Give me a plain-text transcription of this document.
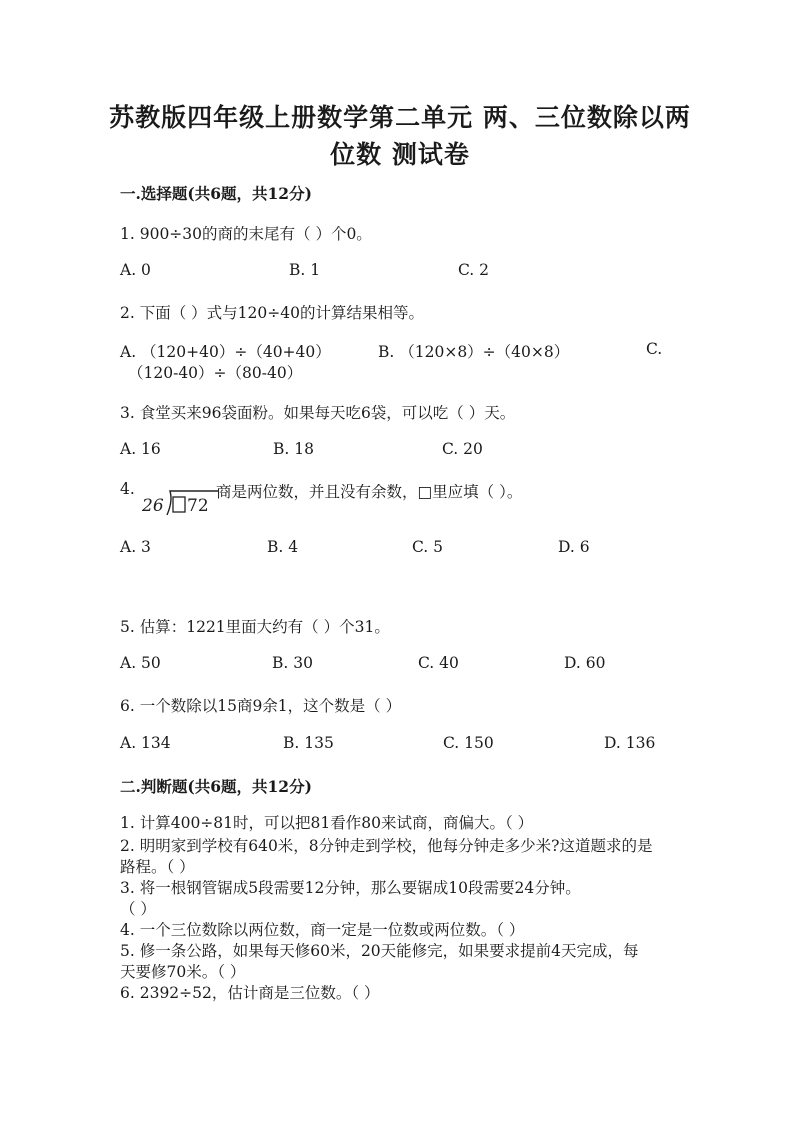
苏教版四年级上册数学第二单元 两、三位数除以两
位数 测试卷
一.选择题(共6题，共12分)
1. 900÷30的商的末尾有（ ）个0。
A. 0	B. 1	C. 2
2. 下面（ ）式与120÷40的计算结果相等。
A. （120+40）÷（40+40）	B. （120×8）÷（40×8）	C.
（120-40）÷（80-40）
3. 食堂买来96袋面粉。如果每天吃6袋，可以吃（ ）天。
A. 16	B. 18	C. 20
4.
26 72
商是两位数，并且没有余数，□里应填（ ）。
A. 3	B. 4	C. 5	D. 6
5. 估算：1221里面大约有（ ）个31。
A. 50	B. 30	C. 40	D. 60
6. 一个数除以15商9余1，这个数是（ ）
A. 134	B. 135	C. 150	D. 136
二.判断题(共6题，共12分)
1. 计算400÷81时，可以把81看作80来试商，商偏大。（ ）
2. 明明家到学校有640米，8分钟走到学校，他每分钟走多少米?这道题求的是
路程。（ ）
3. 将一根钢管锯成5段需要12分钟，那么要锯成10段需要24分钟。
（ ）
4. 一个三位数除以两位数，商一定是一位数或两位数。（ ）
5. 修一条公路，如果每天修60米，20天能修完，如果要求提前4天完成，每
天要修70米。（ ）
6. 2392÷52，估计商是三位数。（ ）
